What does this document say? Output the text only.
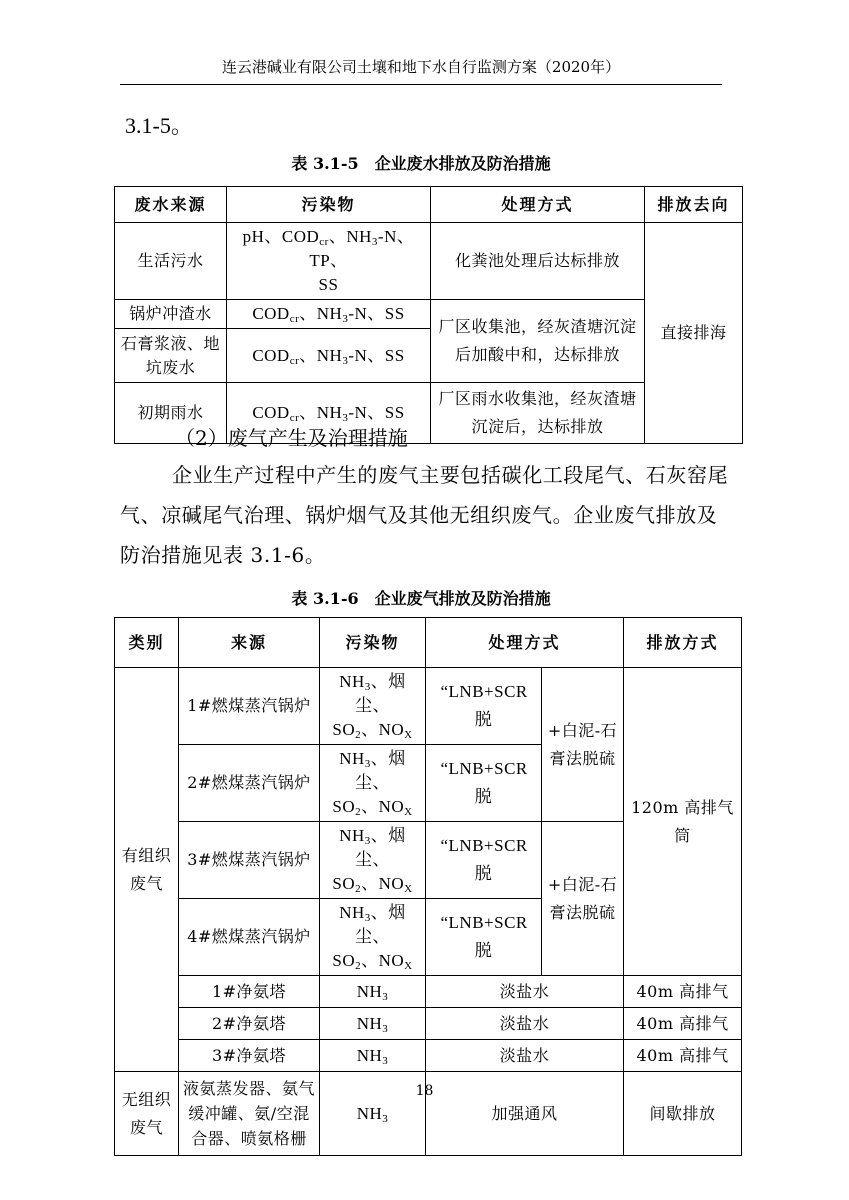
连云港碱业有限公司土壤和地下水自行监测方案（2020年）
3.1-5。
表 3.1-5　企业废水排放及防治措施
废水来源	污染物	处理方式	排放去向
生活污水	pH、$COD_{cr}$、$NH_3-N$、TP、
SS	化粪池处理后达标排放	直接排海
锅炉冲渣水	$COD_{cr}$、$NH_3-N$、SS	厂区收集池，经灰渣塘沉淀后加酸中和，达标排放	
石膏浆液、地坑废水	$COD_{cr}$、$NH_3-N$、SS		
初期雨水	$COD_{cr}$、$NH_3-N$、SS	厂区雨水收集池，经灰渣塘沉淀后，达标排放	
（2）废气产生及治理措施
企业生产过程中产生的废气主要包括碳化工段尾气、石灰窑尾气、凉碱尾气治理、锅炉烟气及其他无组织废气。企业废气排放及防治措施见表 3.1-6。
表 3.1-6　企业废气排放及防治措施
类别	来源	污染物	处理方式		排放方式
有组织废气	1#燃煤蒸汽锅炉	$NH_3$、烟尘、
$SO_2$、$NO_X$	“LNB+SCR脱	+白泥-石膏法脱硫	120m 高排气筒
	2#燃煤蒸汽锅炉	$NH_3$、烟尘、
$SO_2$、$NO_X$	“LNB+SCR脱		
	3#燃煤蒸汽锅炉	$NH_3$、烟尘、
$SO_2$、$NO_X$	“LNB+SCR脱	+白泥-石膏法脱硫	
	4#燃煤蒸汽锅炉	$NH_3$、烟尘、
$SO_2$、$NO_X$	“LNB+SCR脱		
	1#净氨塔	$NH_3$	淡盐水		40m 高排气
	2#净氨塔	$NH_3$	淡盐水		40m 高排气
	3#净氨塔	$NH_3$	淡盐水		40m 高排气
无组织废气	液氨蒸发器、氨气缓冲罐、氨/空混合器、喷氨格栅	$NH_3$	加强通风		间歇排放
18
